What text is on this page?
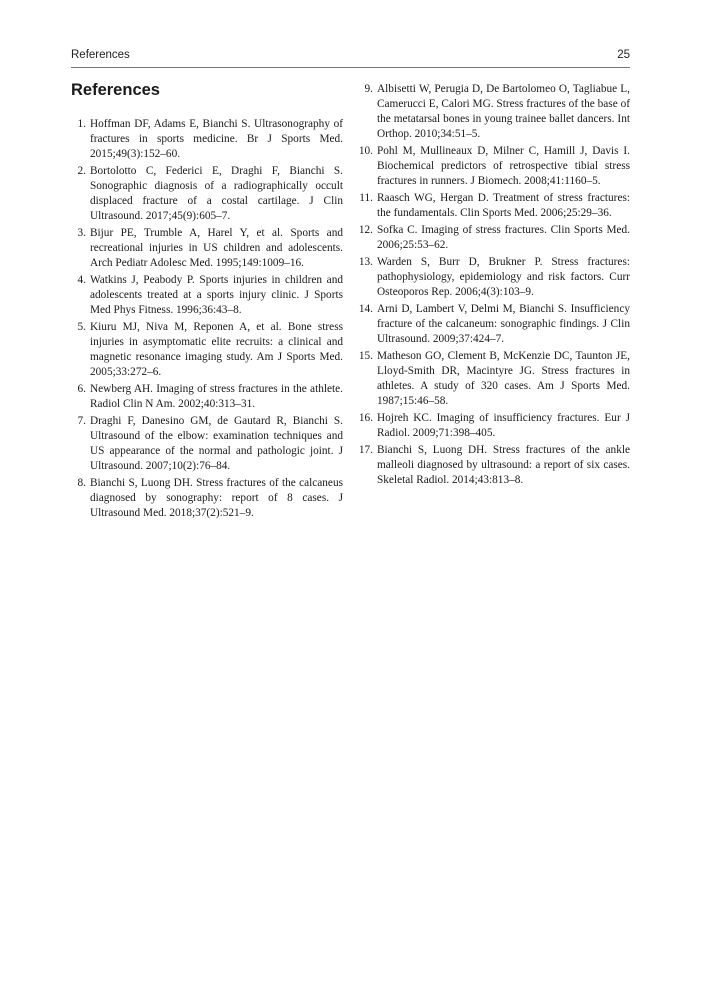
References	25
References
1. Hoffman DF, Adams E, Bianchi S. Ultrasonography of fractures in sports medicine. Br J Sports Med. 2015;49(3):152–60.
2. Bortolotto C, Federici E, Draghi F, Bianchi S. Sonographic diagnosis of a radiographically occult displaced fracture of a costal cartilage. J Clin Ultrasound. 2017;45(9):605–7.
3. Bijur PE, Trumble A, Harel Y, et al. Sports and recreational injuries in US children and adolescents. Arch Pediatr Adolesc Med. 1995;149:1009–16.
4. Watkins J, Peabody P. Sports injuries in children and adolescents treated at a sports injury clinic. J Sports Med Phys Fitness. 1996;36:43–8.
5. Kiuru MJ, Niva M, Reponen A, et al. Bone stress injuries in asymptomatic elite recruits: a clinical and magnetic resonance imaging study. Am J Sports Med. 2005;33:272–6.
6. Newberg AH. Imaging of stress fractures in the athlete. Radiol Clin N Am. 2002;40:313–31.
7. Draghi F, Danesino GM, de Gautard R, Bianchi S. Ultrasound of the elbow: examination techniques and US appearance of the normal and pathologic joint. J Ultrasound. 2007;10(2):76–84.
8. Bianchi S, Luong DH. Stress fractures of the calcaneus diagnosed by sonography: report of 8 cases. J Ultrasound Med. 2018;37(2):521–9.
9. Albisetti W, Perugia D, De Bartolomeo O, Tagliabue L, Camerucci E, Calori MG. Stress fractures of the base of the metatarsal bones in young trainee ballet dancers. Int Orthop. 2010;34:51–5.
10. Pohl M, Mullineaux D, Milner C, Hamill J, Davis I. Biochemical predictors of retrospective tibial stress fractures in runners. J Biomech. 2008;41:1160–5.
11. Raasch WG, Hergan D. Treatment of stress fractures: the fundamentals. Clin Sports Med. 2006;25:29–36.
12. Sofka C. Imaging of stress fractures. Clin Sports Med. 2006;25:53–62.
13. Warden S, Burr D, Brukner P. Stress fractures: pathophysiology, epidemiology and risk factors. Curr Osteoporos Rep. 2006;4(3):103–9.
14. Arni D, Lambert V, Delmi M, Bianchi S. Insufficiency fracture of the calcaneum: sonographic findings. J Clin Ultrasound. 2009;37:424–7.
15. Matheson GO, Clement B, McKenzie DC, Taunton JE, Lloyd-Smith DR, Macintyre JG. Stress fractures in athletes. A study of 320 cases. Am J Sports Med. 1987;15:46–58.
16. Hojreh KC. Imaging of insufficiency fractures. Eur J Radiol. 2009;71:398–405.
17. Bianchi S, Luong DH. Stress fractures of the ankle malleoli diagnosed by ultrasound: a report of six cases. Skeletal Radiol. 2014;43:813–8.
